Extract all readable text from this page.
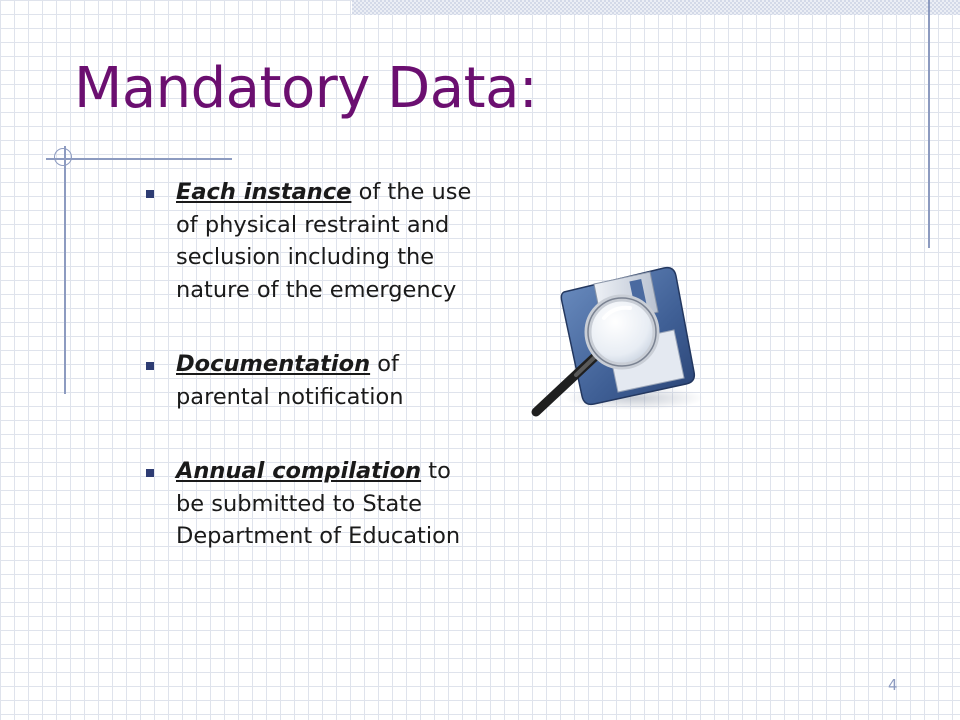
Mandatory Data:
Each instance of the use of physical restraint and seclusion including the nature of the emergency
Documentation of parental notification
Annual compilation to be submitted to State Department of Education
4
